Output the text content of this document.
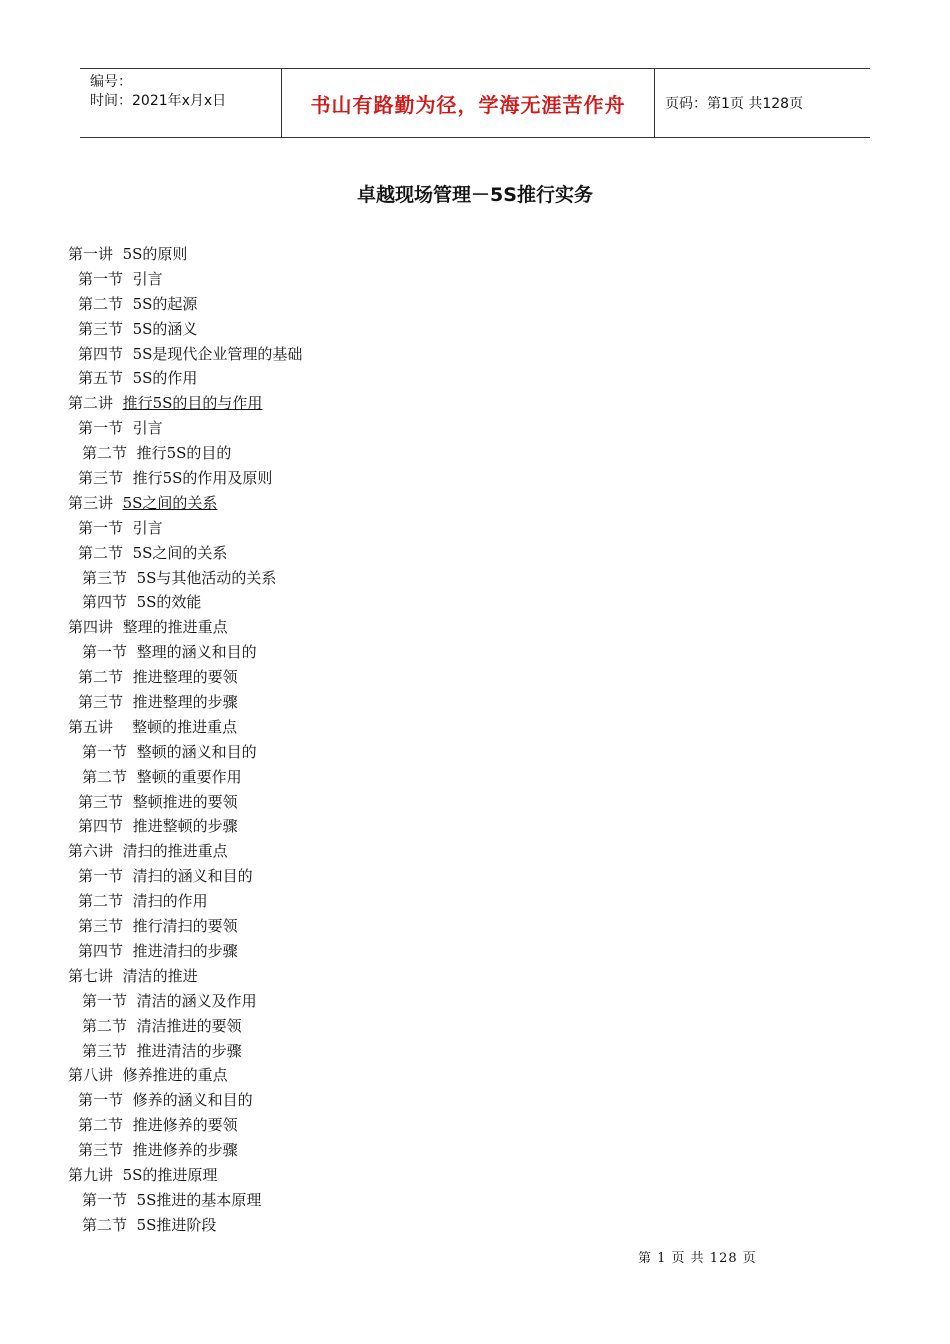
编号：
时间：2021年x月x日	书山有路勤为径，学海无涯苦作舟	页码：第1页 共128页
卓越现场管理－5S推行实务
第一讲 5S的原则
第一节 引言
第二节 5S的起源
第三节 5S的涵义
第四节 5S是现代企业管理的基础
第五节 5S的作用
第二讲 推行5S的目的与作用
第一节 引言
第二节 推行5S的目的
第三节 推行5S的作用及原则
第三讲 5S之间的关系
第一节 引言
第二节 5S之间的关系
第三节 5S与其他活动的关系
第四节 5S的效能
第四讲 整理的推进重点
第一节 整理的涵义和目的
第二节 推进整理的要领
第三节 推进整理的步骤
第五讲    整顿的推进重点
第一节 整顿的涵义和目的
第二节 整顿的重要作用
第三节 整顿推进的要领
第四节 推进整顿的步骤
第六讲 清扫的推进重点
第一节 清扫的涵义和目的
第二节 清扫的作用
第三节 推行清扫的要领
第四节 推进清扫的步骤
第七讲 清洁的推进
第一节 清洁的涵义及作用
第二节 清洁推进的要领
第三节 推进清洁的步骤
第八讲 修养推进的重点
第一节 修养的涵义和目的
第二节 推进修养的要领
第三节 推进修养的步骤
第九讲 5S的推进原理
第一节 5S推进的基本原理
第二节 5S推进阶段
第 1 页 共 128 页
